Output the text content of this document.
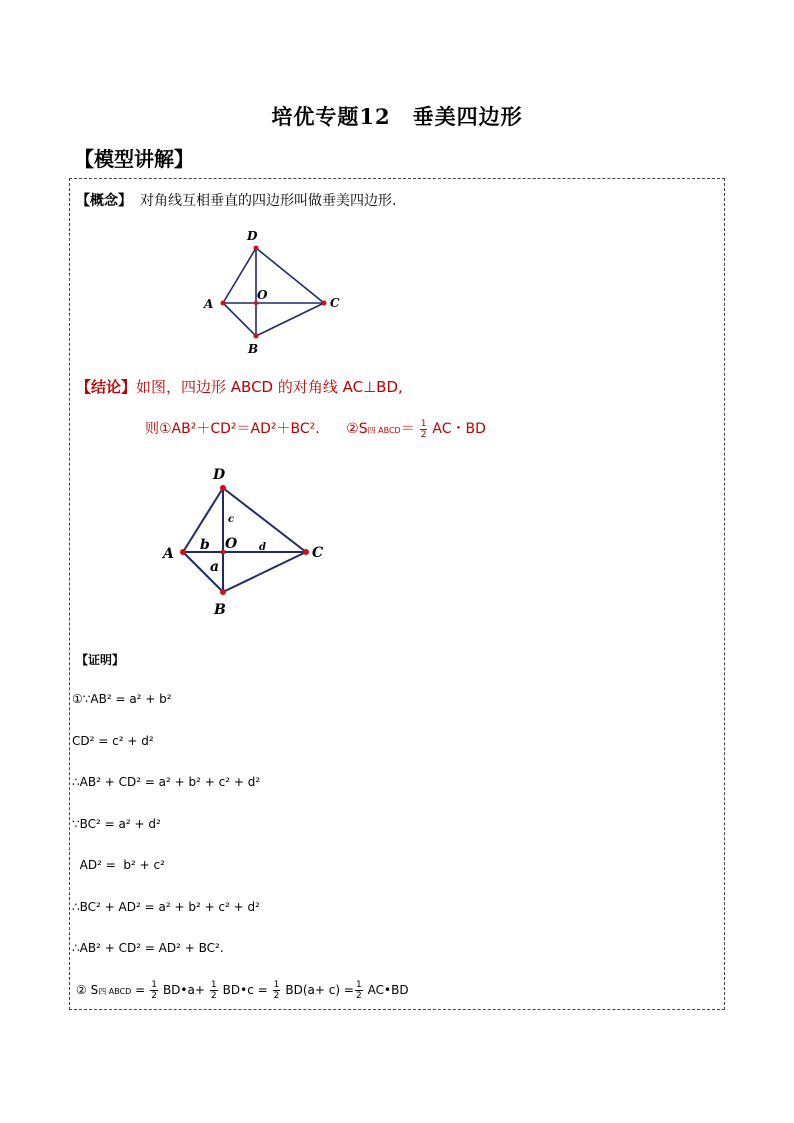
培优专题12　垂美四边形
【模型讲解】
【概念】 对角线互相垂直的四边形叫做垂美四边形.
D
A
O
C
B
【结论】如图，四边形 ABCD 的对角线 AC⊥BD,
则①AB²＋CD²＝AD²＋BC². ②S四 ABCD＝ $\frac{1}{2}$ AC・BD
D
A
b O
C
a
B
c
d
【证明】
①∵AB² = a² + b²
CD² = c² + d²
∴AB² + CD² = a² + b² + c² + d²
∵BC² = a² + d²
AD² =  b² + c²
∴BC² + AD² = a² + b² + c² + d²
∴AB² + CD² = AD² + BC².
② S四 ABCD = $\frac{1}{2}$ BD•a+ $\frac{1}{2}$ BD•c = $\frac{1}{2} BD(a+ c) = \frac{1}{2}$ AC•BD
